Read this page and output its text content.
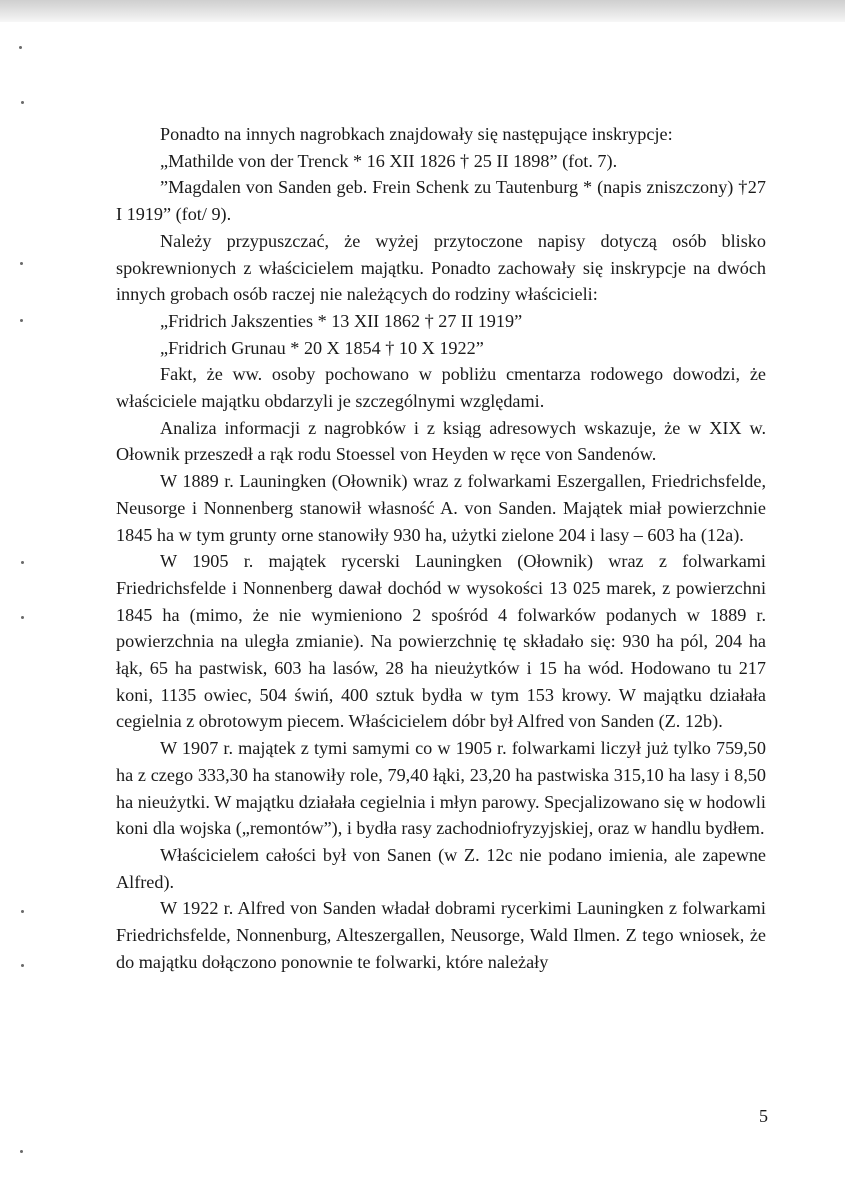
Ponadto na innych nagrobkach znajdowały się następujące inskrypcje:

„Mathilde von der Trenck * 16 XII 1826 † 25 II 1898” (fot. 7).

”Magdalen von Sanden geb. Frein Schenk zu Tautenburg * (napis zniszczony) †27 I 1919” (fot/ 9).

Należy przypuszczać, że wyżej przytoczone napisy dotyczą osób blisko spokrewnionych z właścicielem majątku. Ponadto zachowały się inskrypcje na dwóch innych grobach osób raczej nie należących do rodziny właścicieli:

„Fridrich Jakszenties * 13 XII 1862 † 27 II 1919”

„Fridrich Grunau * 20 X 1854 † 10 X 1922”

Fakt, że ww. osoby pochowano w pobliżu cmentarza rodowego dowodzi, że właściciele majątku obdarzyli je szczególnymi względami.

Analiza informacji z nagrobków i z ksiąg adresowych wskazuje, że w XIX w. Ołownik przeszedł a rąk rodu Stoessel von Heyden w ręce von Sandenów.

W 1889 r. Launingken (Ołownik) wraz z folwarkami Eszergallen, Friedrichsfelde, Neusorge i Nonnenberg stanowił własność A. von Sanden. Majątek miał powierzchnie 1845 ha w tym grunty orne stanowiły 930 ha, użytki zielone 204 i lasy – 603 ha (12a).

W 1905 r. majątek rycerski Launingken (Ołownik) wraz z folwarkami Friedrichsfelde i Nonnenberg dawał dochód w wysokości 13 025 marek, z powierzchni 1845 ha (mimo, że nie wymieniono 2 spośród 4 folwarków podanych w 1889 r. powierzchnia na uległa zmianie). Na powierzchnię tę składało się: 930 ha pól, 204 ha łąk, 65 ha pastwisk, 603 ha lasów, 28 ha nieużytków i 15 ha wód. Hodowano tu 217 koni, 1135 owiec, 504 świń, 400 sztuk bydła w tym 153 krowy. W majątku działała cegielnia z obrotowym piecem. Właścicielem dóbr był Alfred von Sanden (Z. 12b).

W 1907 r. majątek z tymi samymi co w 1905 r. folwarkami liczył już tylko 759,50 ha z czego 333,30 ha stanowiły role, 79,40 łąki, 23,20 ha pastwiska 315,10 ha lasy i 8,50 ha nieużytki. W majątku działała cegielnia i młyn parowy. Specjalizowano się w hodowli koni dla wojska („remontów”), i bydła rasy zachodniofryzyjskiej, oraz w handlu bydłem.

Właścicielem całości był von Sanen (w Z. 12c nie podano imienia, ale zapewne Alfred).

W 1922 r. Alfred von Sanden władał dobrami rycerkimi Launingken z folwarkami Friedrichsfelde, Nonnenburg, Alteszergallen, Neusorge, Wald Ilmen. Z tego wniosek, że do majątku dołączono ponownie te folwarki, które należały

5
